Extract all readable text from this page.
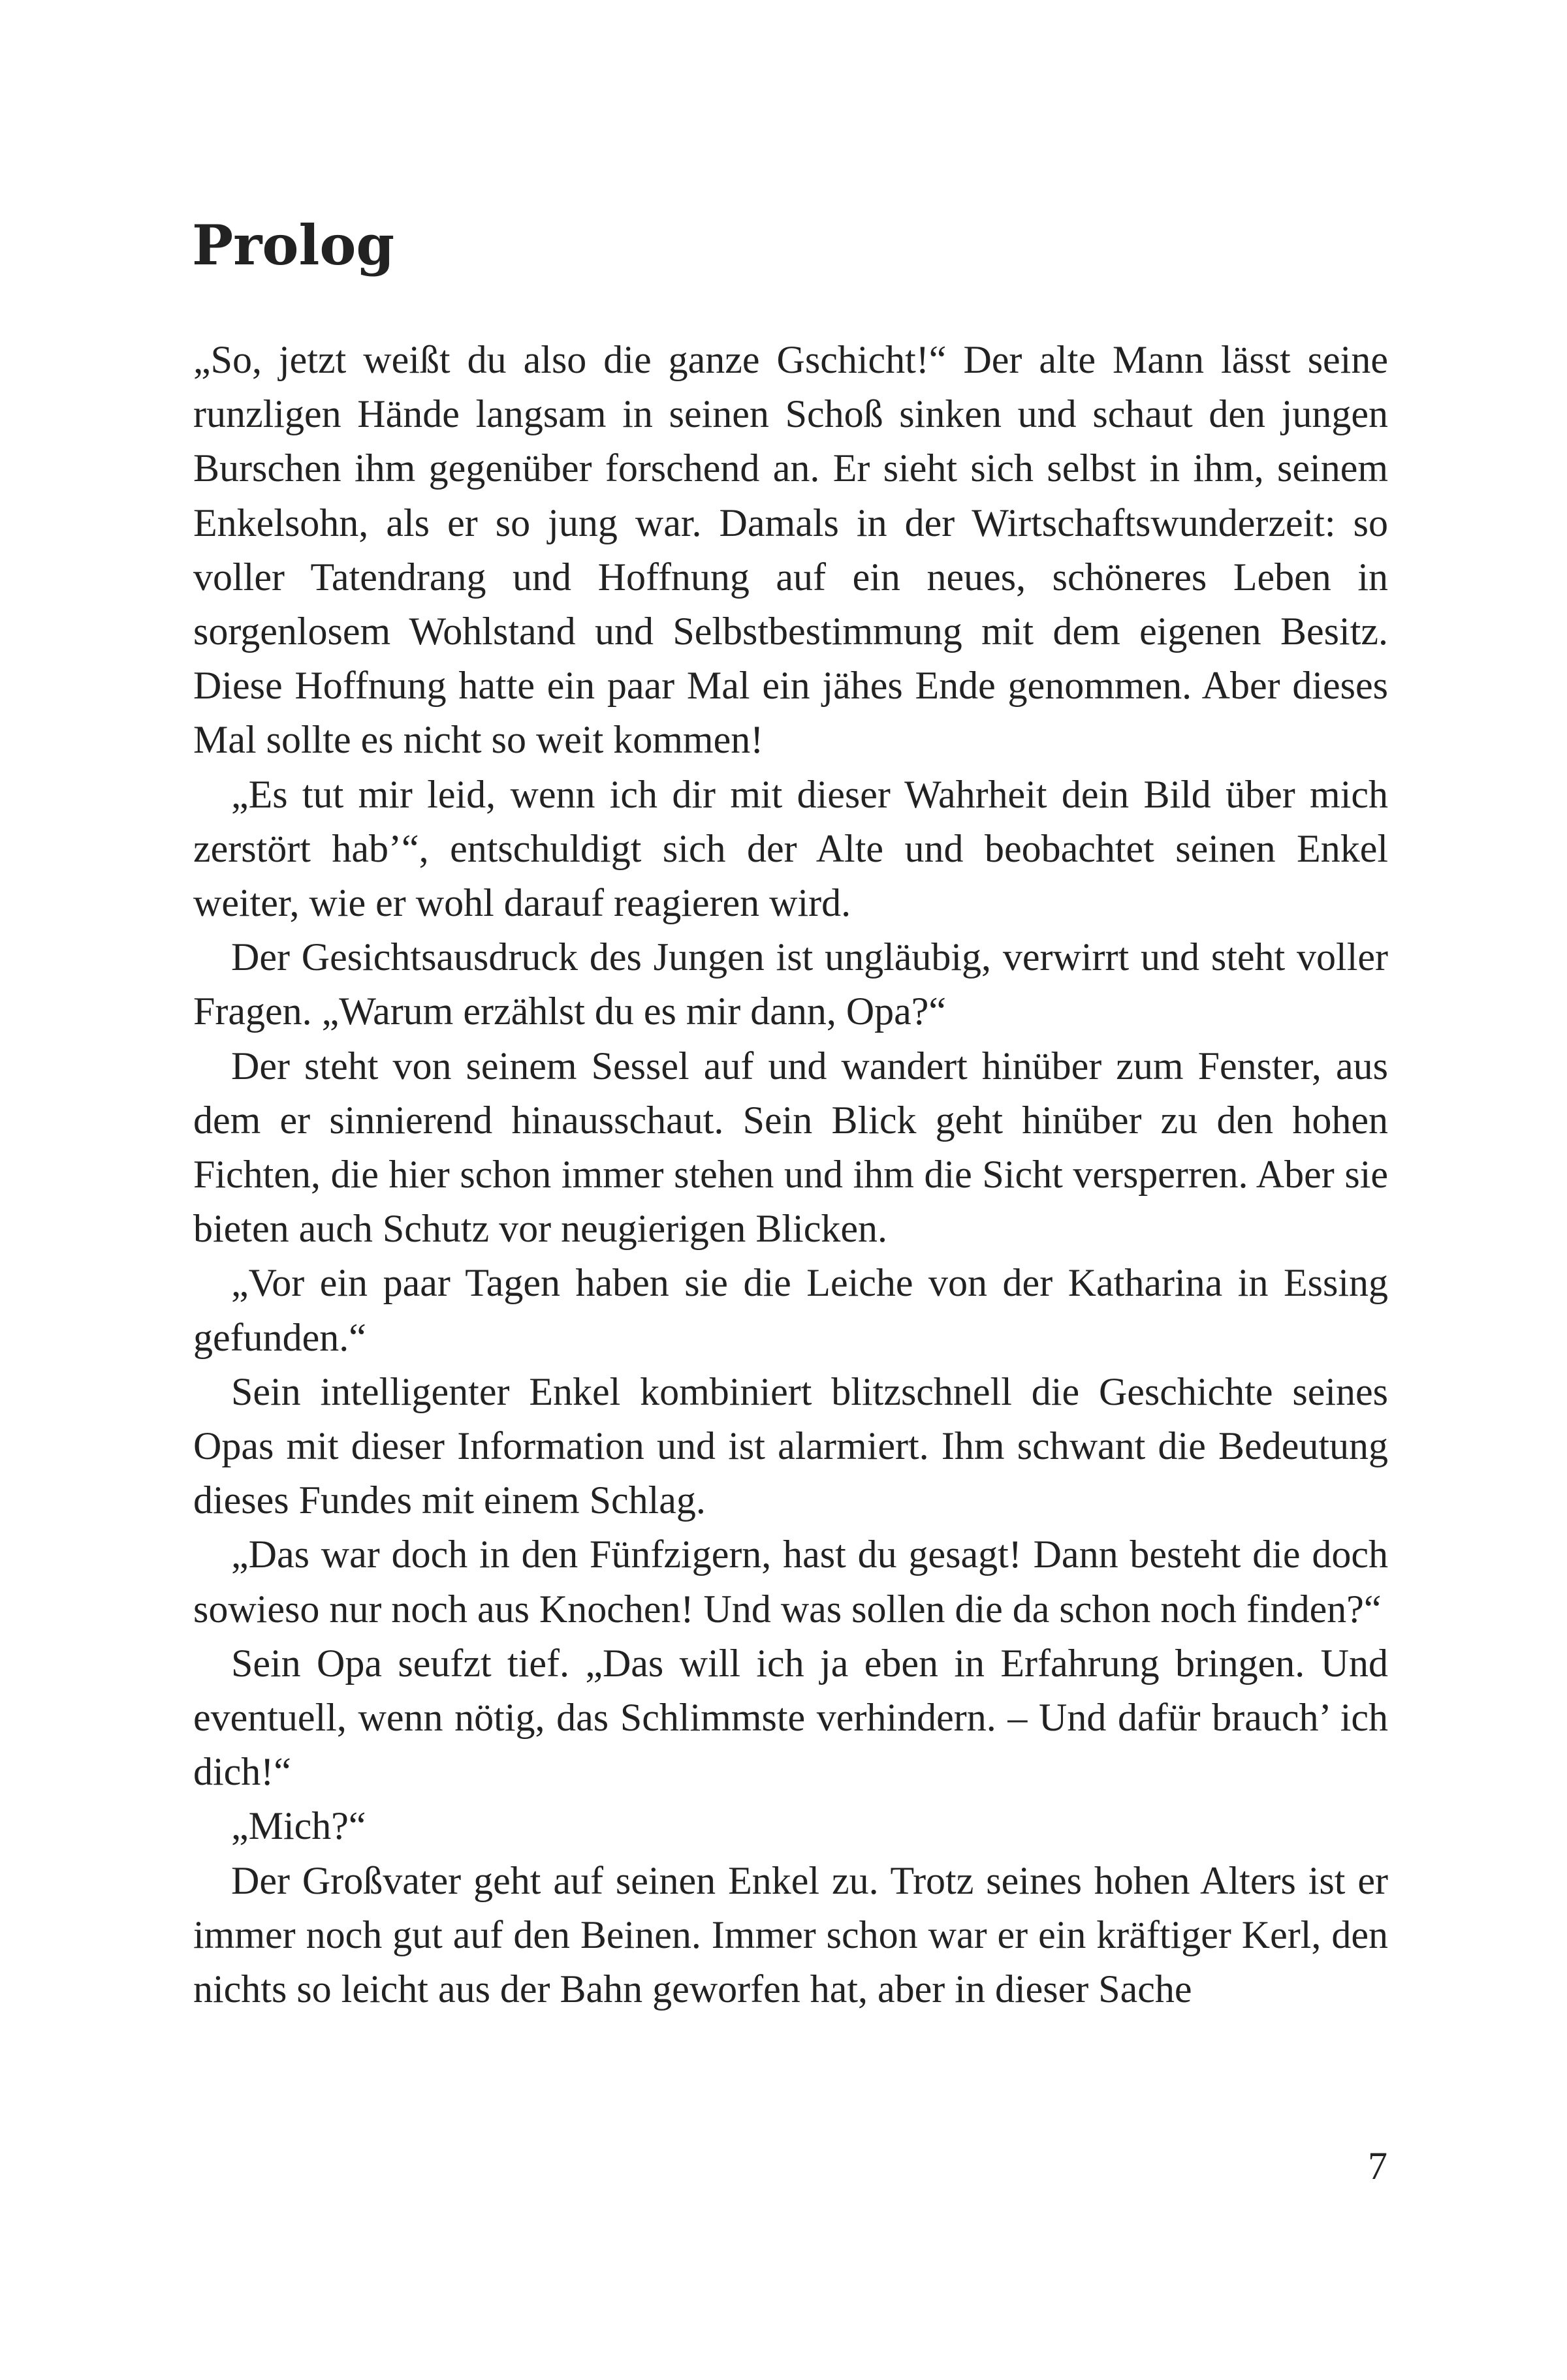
Prolog

„So, jetzt weißt du also die ganze Gschicht!“ Der alte Mann lässt seine runzligen Hände langsam in seinen Schoß sinken und schaut den jungen Burschen ihm gegenüber forschend an. Er sieht sich selbst in ihm, seinem Enkelsohn, als er so jung war. Damals in der Wirtschaftswunderzeit: so voller Tatendrang und Hoffnung auf ein neues, schöneres Leben in sorgenlosem Wohlstand und Selbstbestimmung mit dem eigenen Besitz. Diese Hoffnung hatte ein paar Mal ein jähes Ende genommen. Aber dieses Mal sollte es nicht so weit kommen!

„Es tut mir leid, wenn ich dir mit dieser Wahrheit dein Bild über mich zerstört hab’“, entschuldigt sich der Alte und beobachtet seinen Enkel weiter, wie er wohl darauf reagieren wird.

Der Gesichtsausdruck des Jungen ist ungläubig, verwirrt und steht voller Fragen. „Warum erzählst du es mir dann, Opa?“

Der steht von seinem Sessel auf und wandert hinüber zum Fenster, aus dem er sinnierend hinausschaut. Sein Blick geht hinüber zu den hohen Fichten, die hier schon immer stehen und ihm die Sicht versperren. Aber sie bieten auch Schutz vor neugierigen Blicken.

„Vor ein paar Tagen haben sie die Leiche von der Katharina in Essing gefunden.“

Sein intelligenter Enkel kombiniert blitzschnell die Geschichte seines Opas mit dieser Information und ist alarmiert. Ihm schwant die Bedeutung dieses Fundes mit einem Schlag.

„Das war doch in den Fünfzigern, hast du gesagt! Dann besteht die doch sowieso nur noch aus Knochen! Und was sollen die da schon noch finden?“

Sein Opa seufzt tief. „Das will ich ja eben in Erfahrung bringen. Und eventuell, wenn nötig, das Schlimmste verhindern. – Und dafür brauch’ ich dich!“

„Mich?“

Der Großvater geht auf seinen Enkel zu. Trotz seines hohen Alters ist er immer noch gut auf den Beinen. Immer schon war er ein kräftiger Kerl, den nichts so leicht aus der Bahn geworfen hat, aber in dieser Sache

7
